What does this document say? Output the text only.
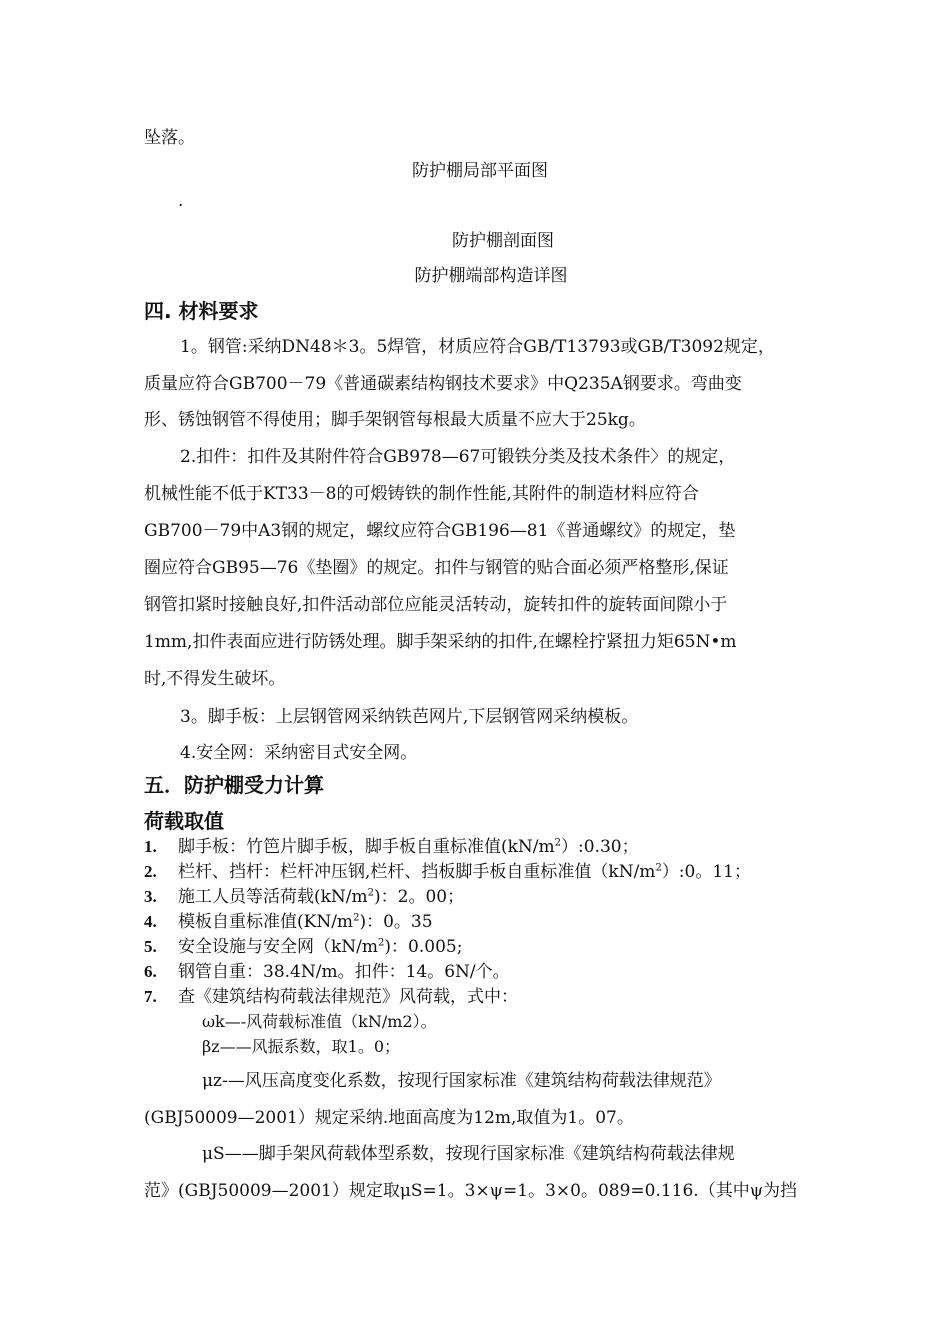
坠落。
防护棚局部平面图
.
防护棚剖面图
防护棚端部构造详图
四. 材料要求
1。钢管:采纳DN48＊3。5焊管，材质应符合GB/T13793或GB/T3092规定，
质量应符合GB700－79《普通碳素结构钢技术要求》中Q235A钢要求。弯曲变
形、锈蚀钢管不得使用；脚手架钢管每根最大质量不应大于25kg。
2.扣件：扣件及其附件符合GB978—67可锻铁分类及技术条件〉的规定，
机械性能不低于KT33－8的可煅铸铁的制作性能,其附件的制造材料应符合
GB700－79中A3钢的规定，螺纹应符合GB196—81《普通螺纹》的规定，垫
圈应符合GB95—76《垫圈》的规定。扣件与钢管的贴合面必须严格整形,保证
钢管扣紧时接触良好,扣件活动部位应能灵活转动，旋转扣件的旋转面间隙小于
1mm,扣件表面应进行防锈处理。脚手架采纳的扣件,在螺栓拧紧扭力矩65N•m
时,不得发生破坏。
3。脚手板：上层钢管网采纳铁芭网片,下层钢管网采纳模板。
4.安全网：采纳密目式安全网。
五．防护棚受力计算
荷载取值
1. 脚手板：竹笆片脚手板，脚手板自重标准值$(kN/m^2):0.30$；
2. 栏杆、挡杆：栏杆冲压钢,栏杆、挡板脚手板自重标准值$(kN/m^2):0$。11；
3. 施工人员等活荷载$(kN/m^2)$：2。00；
4. 模板自重标准值$(KN/m^2)$：0。35
5. 安全设施与安全网$(kN/m^2)$：0.005;
6. 钢管自重：38.4N/m。扣件：14。6N/个。
7. 查《建筑结构荷载法律规范》风荷载，式中：
ωk—-风荷载标准值（kN/m2）。
βz——风振系数，取1。0；
μz-—风压高度变化系数，按现行国家标准《建筑结构荷载法律规范》
(GBJ50009—2001）规定采纳.地面高度为12m,取值为1。07。
μS——脚手架风荷载体型系数，按现行国家标准《建筑结构荷载法律规
范》(GBJ50009—2001）规定取μS=1。3×ψ=1。3×0。089=0.116.（其中ψ为挡
